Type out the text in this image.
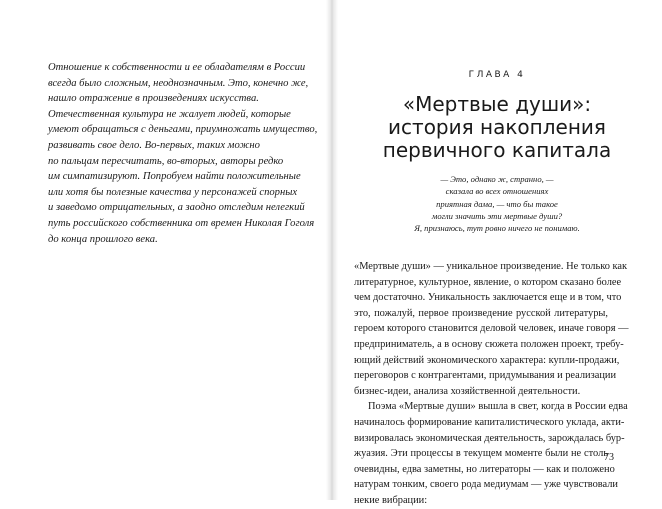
Отношение к собственности и ее обладателям в России
всегда было сложным, неоднозначным. Это, конечно же,
нашло отражение в произведениях искусства.
Отечественная культура не жалует людей, которые
умеют обращаться с деньгами, приумножать имущество,
развивать свое дело. Во-первых, таких можно
по пальцам пересчитать, во-вторых, авторы редко
им симпатизируют. Попробуем найти положительные
или хотя бы полезные качества у персонажей спорных
и заведомо отрицательных, а заодно отследим нелегкий
путь российского собственника от времен Николая Гоголя
до конца прошлого века.
ГЛАВА 4
«Мертвые души»:
история накопления
первичного капитала
— Это, однако ж, странно, —
сказала во всех отношениях
приятная дама, — что бы такое
могли значить эти мертвые души?
Я, признаюсь, тут ровно ничего не понимаю.
«Мертвые души» — уникальное произведение. Не только как
литературное, культурное, явление, о котором сказано более
чем достаточно. Уникальность заключается еще и в том, что
это, пожалуй, первое произведение русской литературы,
героем которого становится деловой человек, иначе говоря —
предприниматель, а в основу сюжета положен проект, требу-
ющий действий экономического характера: купли-продажи,
переговоров с контрагентами, придумывания и реализации
бизнес-идеи, анализа хозяйственной деятельности.
Поэма «Мертвые души» вышла в свет, когда в России едва
начиналось формирование капиталистического уклада, акти-
визировалась экономическая деятельность, зарождалась бур-
жуазия. Эти процессы в текущем моменте были не столь
очевидны, едва заметны, но литераторы — как и положено
натурам тонким, своего рода медиумам — уже чувствовали
некие вибрации:
73
